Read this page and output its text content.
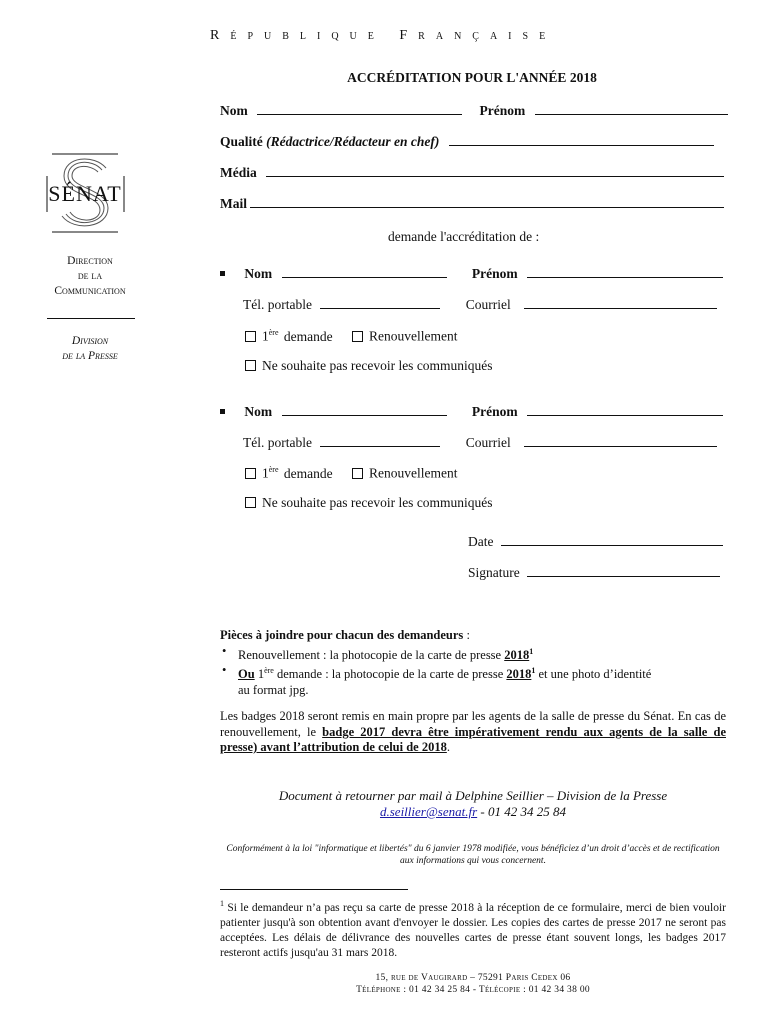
République Française
ACCRÉDITATION POUR L'ANNÉE 2018
SÉNAT
Direction
de la
Communication
Division
de la Presse
Nom	Prénom
Qualité (Rédactrice/Rédacteur en chef)
Média
Mail
demande l'accréditation de :
Nom	Prénom
Tél. portable	Courriel
1ère demande	Renouvellement
Ne souhaite pas recevoir les communiqués
Nom	Prénom
Tél. portable	Courriel
1ère demande	Renouvellement
Ne souhaite pas recevoir les communiqués
Date
Signature
Pièces à joindre pour chacun des demandeurs :
• Renouvellement : la photocopie de la carte de presse 2018$^1$
• Ou 1ère demande : la photocopie de la carte de presse 2018$^1$ et une photo d’identité
au format jpg.
Les badges 2018 seront remis en main propre par les agents de la salle de presse du Sénat. En cas de renouvellement, le badge 2017 devra être impérativement rendu aux agents de la salle de presse) avant l’attribution de celui de 2018.
Document à retourner par mail à Delphine Seillier – Division de la Presse
d.seillier@senat.fr - 01 42 34 25 84
Conformément à la loi "informatique et libertés" du 6 janvier 1978 modifiée, vous bénéficiez d’un droit d’accès et de rectification aux informations qui vous concernent.
$^1$ Si le demandeur n’a pas reçu sa carte de presse 2018 à la réception de ce formulaire, merci de bien vouloir patienter jusqu'à son obtention avant d'envoyer le dossier. Les copies des cartes de presse 2017 ne seront pas acceptées. Les délais de délivrance des nouvelles cartes de presse étant souvent longs, les badges 2017 resteront actifs jusqu'au 31 mars 2018.
15, rue de Vaugirard – 75291 Paris Cedex 06
Téléphone : 01 42 34 25 84 - Télécopie : 01 42 34 38 00
